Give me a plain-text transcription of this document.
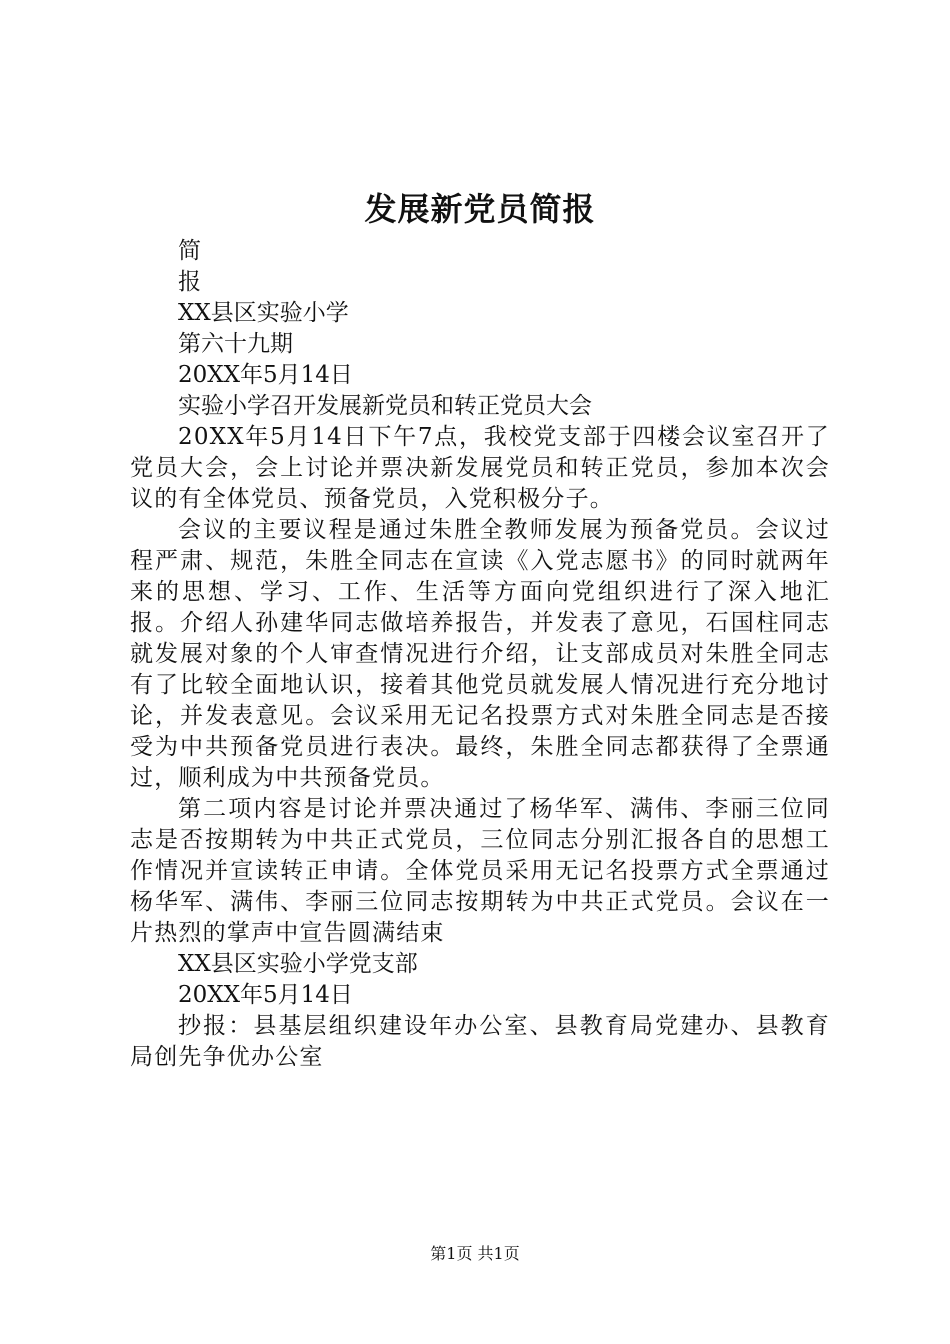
发展新党员简报

简

报

XX县区实验小学

第六十九期

20XX年5月14日

实验小学召开发展新党员和转正党员大会

20XX年5月14日下午7点，我校党支部于四楼会议室召开了党员大会，会上讨论并票决新发展党员和转正党员，参加本次会议的有全体党员、预备党员，入党积极分子。

会议的主要议程是通过朱胜全教师发展为预备党员。会议过程严肃、规范，朱胜全同志在宣读《入党志愿书》的同时就两年来的思想、学习、工作、生活等方面向党组织进行了深入地汇报。介绍人孙建华同志做培养报告，并发表了意见，石国柱同志就发展对象的个人审查情况进行介绍，让支部成员对朱胜全同志有了比较全面地认识，接着其他党员就发展人情况进行充分地讨论，并发表意见。会议采用无记名投票方式对朱胜全同志是否接受为中共预备党员进行表决。最终，朱胜全同志都获得了全票通过，顺利成为中共预备党员。

第二项内容是讨论并票决通过了杨华军、满伟、李丽三位同志是否按期转为中共正式党员，三位同志分别汇报各自的思想工作情况并宣读转正申请。全体党员采用无记名投票方式全票通过杨华军、满伟、李丽三位同志按期转为中共正式党员。会议在一片热烈的掌声中宣告圆满结束

XX县区实验小学党支部

20XX年5月14日

抄报：县基层组织建设年办公室、县教育局党建办、县教育局创先争优办公室

第1页 共1页
